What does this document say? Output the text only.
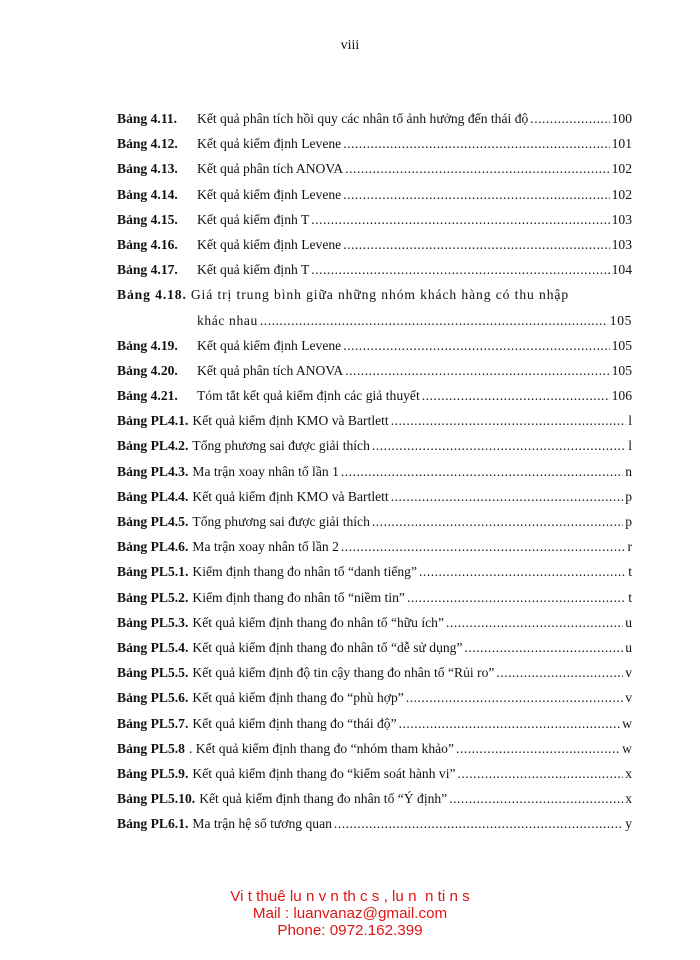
viii
Bảng 4.11.	Kết quả phân tích hồi quy các nhân tố ảnh hưởng đến thái độ .....	100
Bảng 4.12.	Kết quả kiểm định Levene .....	101
Bảng 4.13.	Kết quả phân tích ANOVA .....	102
Bảng 4.14.	Kết quả kiểm định Levene .....	102
Bảng 4.15.	Kết quả kiểm định T .....	103
Bảng 4.16.	Kết quả kiểm định Levene .....	103
Bảng 4.17.	Kết quả kiểm định T .....	104
Bảng 4.18. Giá trị trung bình giữa những nhóm khách hàng có thu nhập
khác nhau .....	105
Bảng 4.19.	Kết quả kiểm định Levene .....	105
Bảng 4.20.	Kết quả phân tích ANOVA .....	105
Bảng 4.21.	Tóm tắt kết quả kiểm định các giả thuyết .....	106
Bảng PL4.1. Kết quả kiểm định KMO và Bartlett .....	l
Bảng PL4.2. Tổng phương sai được giải thích .....	l
Bảng PL4.3. Ma trận xoay nhân tố lần 1 .....	n
Bảng PL4.4. Kết quả kiểm định KMO và Bartlett .....	p
Bảng PL4.5. Tổng phương sai được giải thích .....	p
Bảng PL4.6. Ma trận xoay nhân tố lần 2 .....	r
Bảng PL5.1. Kiểm định thang đo nhân tố “danh tiếng” .....	t
Bảng PL5.2. Kiểm định thang đo nhân tố “niềm tin” .....	t
Bảng PL5.3. Kết quả kiểm định thang đo nhân tố “hữu ích” .....	u
Bảng PL5.4. Kết quả kiểm định thang đo nhân tố “dễ sử dụng” .....	u
Bảng PL5.5. Kết quả kiểm định độ tin cậy thang đo nhân tố “Rủi ro” .....	v
Bảng PL5.6. Kết quả kiểm định thang đo “phù hợp” .....	v
Bảng PL5.7. Kết quả kiểm định thang đo “thái độ” .....	w
Bảng PL5.8 . Kết quả kiểm định thang đo “nhóm tham khảo” .....	w
Bảng PL5.9. Kết quả kiểm định thang đo “kiểm soát hành vi” .....	x
Bảng PL5.10. Kết quả kiểm định thang đo nhân tố “Ý định” .....	x
Bảng PL6.1. Ma trận hệ số tương quan .....	y
Vi t thuê lu n v n th c s , lu n  n ti n s
Mail : luanvanaz@gmail.com
Phone: 0972.162.399
